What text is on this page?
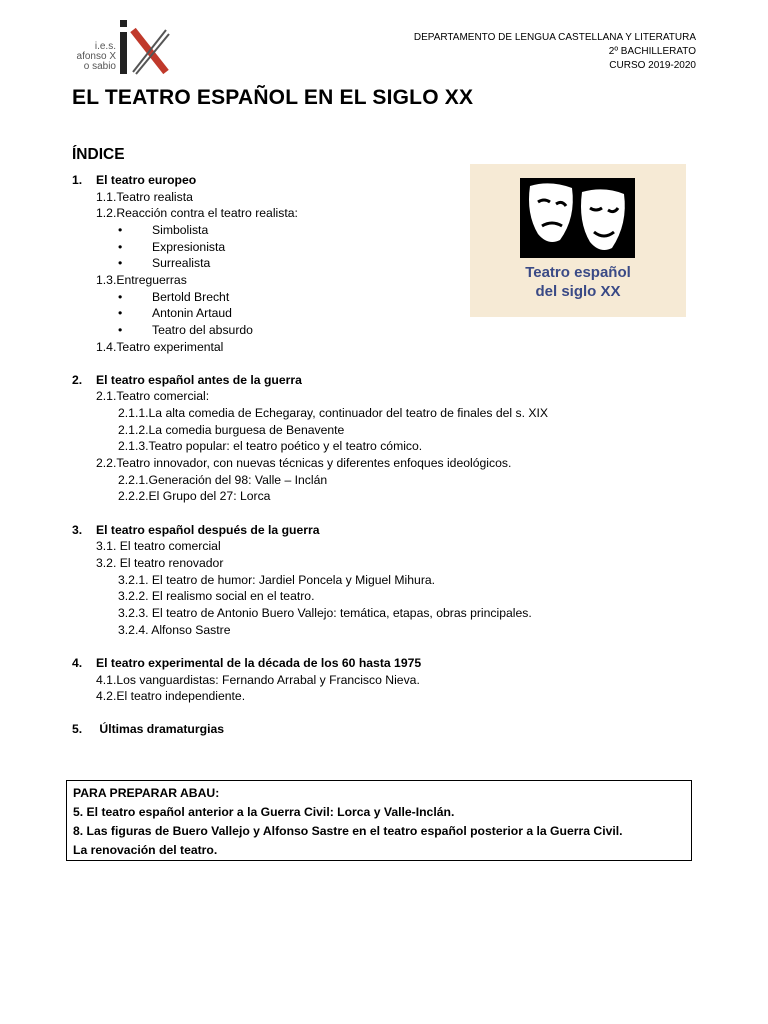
i.e.s.
afonso X
o sabio
DEPARTAMENTO DE LENGUA CASTELLANA Y LITERATURA
2º BACHILLERATO
CURSO 2019-2020
EL TEATRO ESPAÑOL EN EL SIGLO XX
ÍNDICE
Teatro español
del siglo XX
1. El teatro europeo
1.1.Teatro realista
1.2.Reacción contra el teatro realista:
• Simbolista
• Expresionista
• Surrealista
1.3.Entreguerras
• Bertold Brecht
• Antonin Artaud
• Teatro del absurdo
1.4.Teatro experimental
2. El teatro español antes de la guerra
2.1.Teatro comercial:
2.1.1.La alta comedia de Echegaray, continuador del teatro de finales del s. XIX
2.1.2.La comedia burguesa de Benavente
2.1.3.Teatro popular: el teatro poético y el teatro cómico.
2.2.Teatro innovador, con nuevas técnicas y diferentes enfoques ideológicos.
2.2.1.Generación del 98: Valle – Inclán
2.2.2.El Grupo del 27: Lorca
3. El teatro español después de la guerra
3.1. El teatro comercial
3.2. El teatro renovador
3.2.1. El teatro de humor: Jardiel Poncela y Miguel Mihura.
3.2.2. El realismo social en el teatro.
3.2.3. El teatro de Antonio Buero Vallejo: temática, etapas, obras principales.
3.2.4. Alfonso Sastre
4. El teatro experimental de la década de los 60 hasta 1975
4.1.Los vanguardistas: Fernando Arrabal y Francisco Nieva.
4.2.El teatro independiente.
5. Últimas dramaturgias
PARA PREPARAR ABAU:
5. El teatro español anterior a la Guerra Civil: Lorca y Valle-Inclán.
8. Las figuras de Buero Vallejo y Alfonso Sastre en el teatro español posterior a la Guerra Civil.
La renovación del teatro.
